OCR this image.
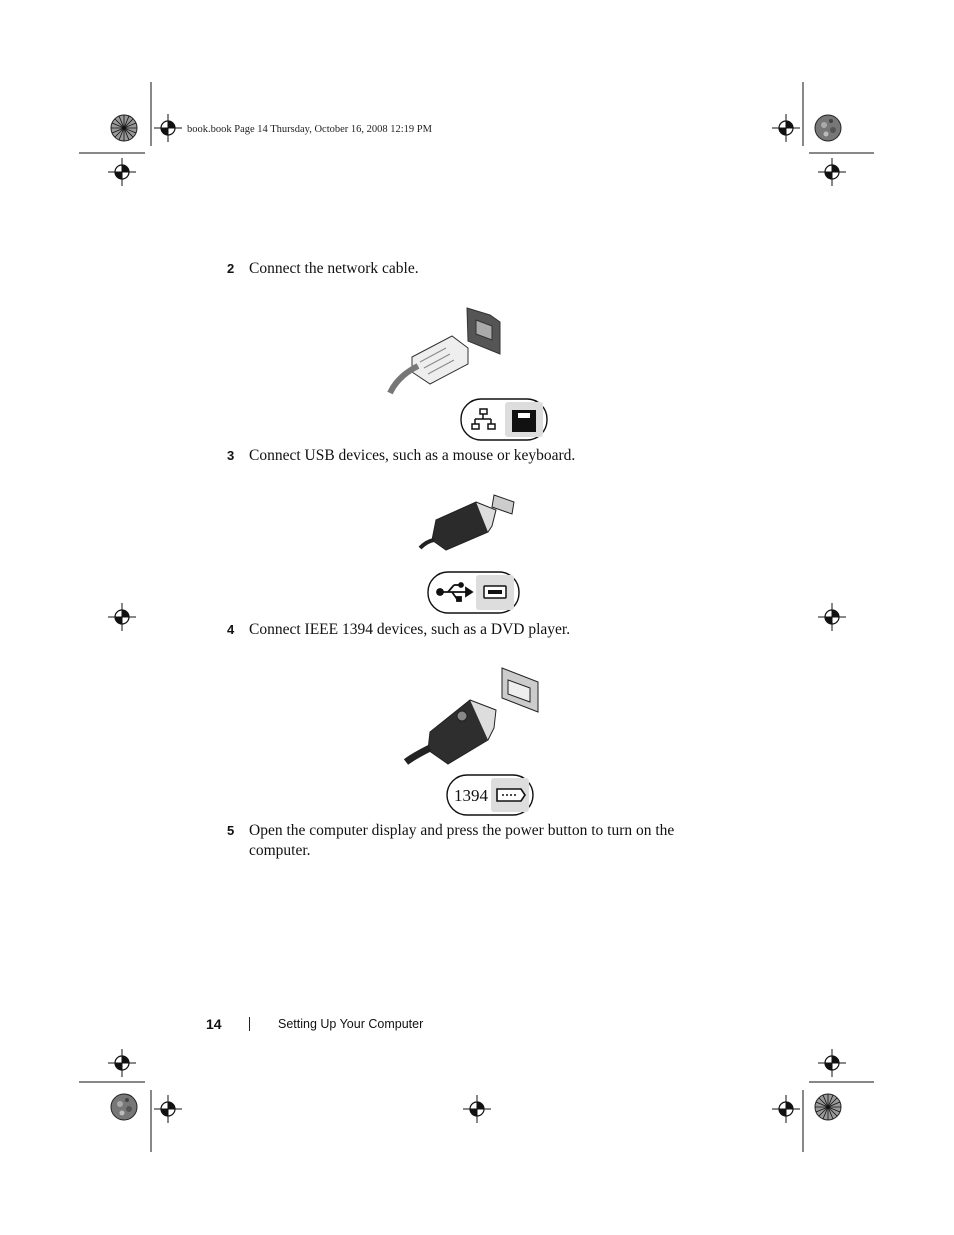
book.book Page 14 Thursday, October 16, 2008 12:19 PM
2 Connect the network cable.
3 Connect USB devices, such as a mouse or keyboard.
4 Connect IEEE 1394 devices, such as a DVD player.
5 Open the computer display and press the power button to turn on the
computer.
14	Setting Up Your Computer
1394
